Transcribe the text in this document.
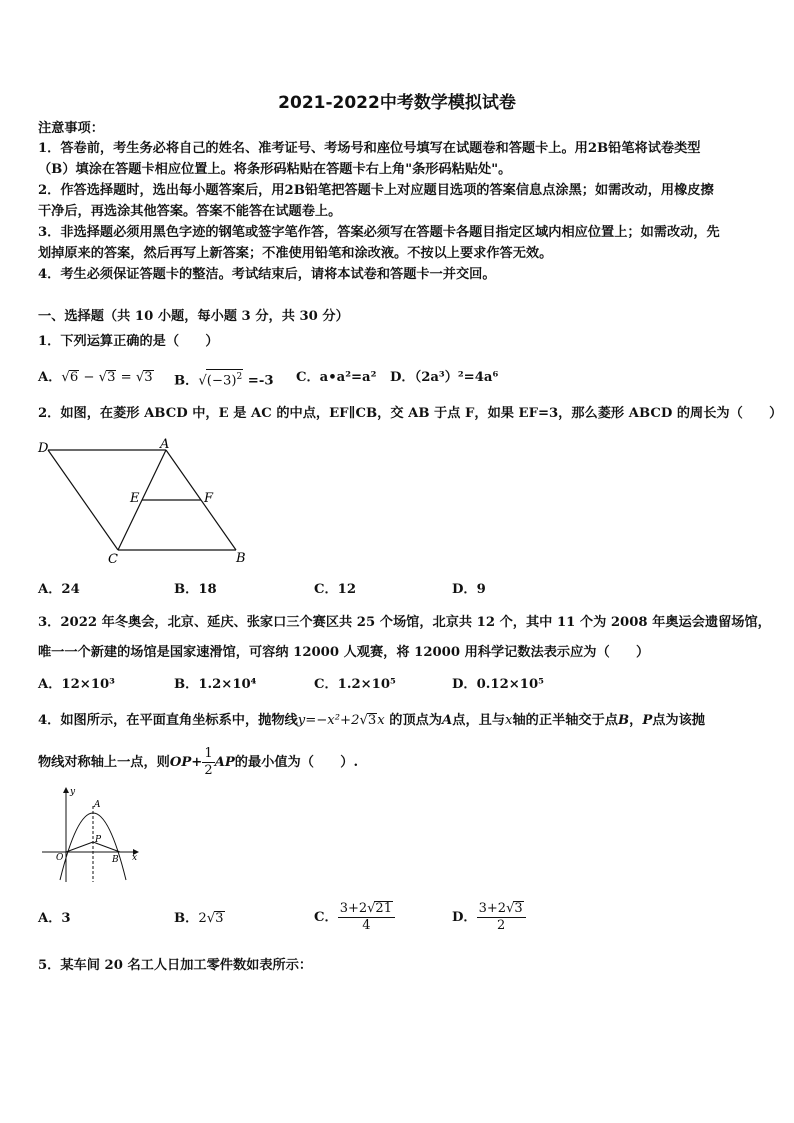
2021-2022中考数学模拟试卷
注意事项：
1．答卷前，考生务必将自己的姓名、准考证号、考场号和座位号填写在试题卷和答题卡上。用2B铅笔将试卷类型
（B）填涂在答题卡相应位置上。将条形码粘贴在答题卡右上角"条形码粘贴处"。
2．作答选择题时，选出每小题答案后，用2B铅笔把答题卡上对应题目选项的答案信息点涂黑；如需改动，用橡皮擦
干净后，再选涂其他答案。答案不能答在试题卷上。
3．非选择题必须用黑色字迹的钢笔或签字笔作答，答案必须写在答题卡各题目指定区域内相应位置上；如需改动，先
划掉原来的答案，然后再写上新答案；不准使用铅笔和涂改液。不按以上要求作答无效。
4．考生必须保证答题卡的整洁。考试结束后，请将本试卷和答题卡一并交回。
一、选择题（共 10 小题，每小题 3 分，共 30 分）
1．下列运算正确的是（　　）
A．√6 − √3 = √3 B．$√(-3)^2 =-3$ C．a•a²=a² D．（2a³）²=4a⁶
2．如图，在菱形 ABCD 中，E 是 AC 的中点，EF∥CB，交 AB 于点 F，如果 EF=3，那么菱形 ABCD 的周长为（　　）
D	A
E	F
C	B
A．24	B．18	C．12	D．9
3．2022 年冬奥会，北京、延庆、张家口三个赛区共 25 个场馆，北京共 12 个，其中 11 个为 2008 年奥运会遗留场馆，
唯一一个新建的场馆是国家速滑馆，可容纳 12000 人观赛，将 12000 用科学记数法表示应为（　　）
A．12×10³	B．1.2×10⁴	C．1.2×10⁵	D．0.12×10⁵
4．如图所示，在平面直角坐标系中，抛物线y=−x²+2√3x 的顶点为A点，且与x轴的正半轴交于点B，P点为该抛
物线对称轴上一点，则$OP+ \frac{1}{2}$ AP的最小值为（　　）.
y
A
P
O	B x
A．3	B．2√3	C． $\frac{3+2√21}{4}$	D． $\frac{3+2√3}{2}$
5．某车间 20 名工人日加工零件数如表所示：
